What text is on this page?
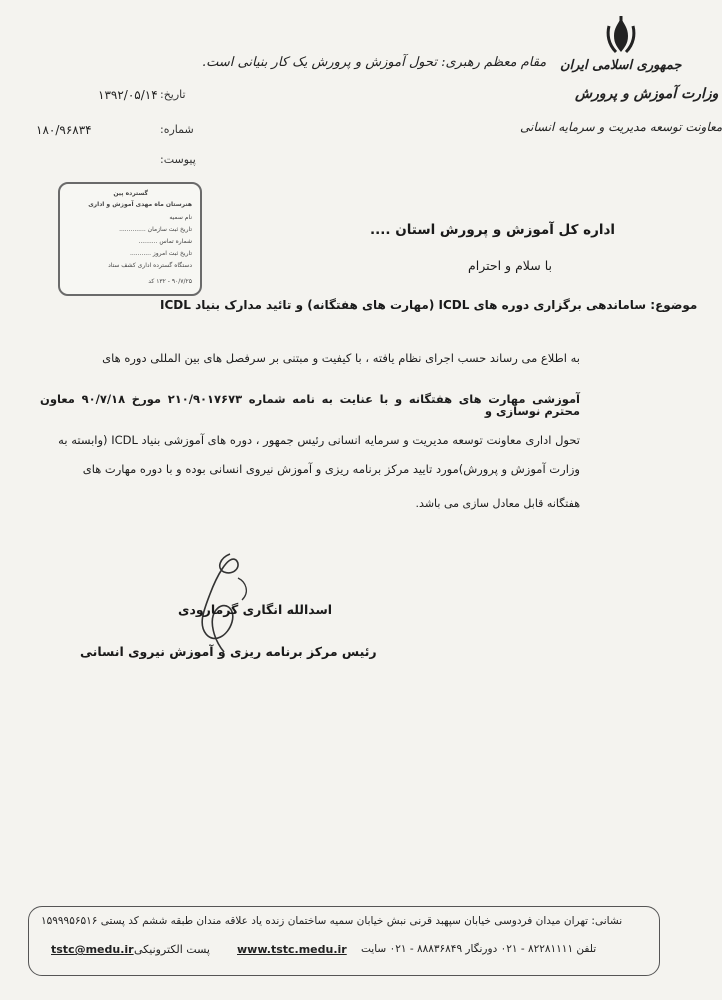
جمهوری اسلامی ایران
وزارت آموزش و پرورش
معاونت توسعه مدیریت و سرمایه انسانی
مقام معظم رهبری: تحول آموزش و پرورش یک کار بنیانی است.
تاریخ:
۱۳۹۲/۰۵/۱۴
شماره:
۱۸۰/۹۶۸۳۴
پیوست:
گسترده پین
هنرستان ماه مهدی آموزش و اداری
نام سمیه
تاریخ ثبت سازمان ..............
شماره تماس ..........
تاریخ ثبت امروز ...........
دستگاه گسترده اداری کشف ستاد
۹۰/۷/۲۵ - ۱۳۲ کد
اداره کل آموزش و پرورش استان ....
با سلام و احترام
موضوع: ساماندهی برگزاری دوره های ICDL (مهارت های هفتگانه) و تائید مدارک بنیاد ICDL
به اطلاع می رساند حسب اجرای نظام یافته ، با کیفیت و مبتنی بر سرفصل های بین المللی دوره های
آموزشی مهارت های هفتگانه و با عنایت به نامه شماره ۲۱۰/۹۰۱۷۶۷۳ مورخ ۹۰/۷/۱۸ معاون محترم نوسازی و
تحول اداری معاونت توسعه مدیریت و سرمایه انسانی رئیس جمهور ، دوره های آموزشی بنیاد ICDL (وابسته به
وزارت آموزش و پرورش)مورد تایید مرکز برنامه ریزی و آموزش نیروی انسانی بوده و با دوره مهارت های
هفتگانه قابل معادل سازی می باشد.
اسدالله انگاری گرمارودی
رئیس مرکز برنامه ریزی و آموزش نیروی انسانی
نشانی: تهران میدان فردوسی خیابان سپهبد قرنی نبش خیابان سمیه ساختمان زنده یاد علاقه مندان طبقه ششم کد پستی ۱۵۹۹۹۵۶۵۱۶
تلفن ۸۲۲۸۱۱۱۱ - ۰۲۱ دورنگار ۸۸۸۳۶۸۴۹ - ۰۲۱ سایت
www.tstc.medu.ir
پست الکترونیکی
tstc@medu.ir
